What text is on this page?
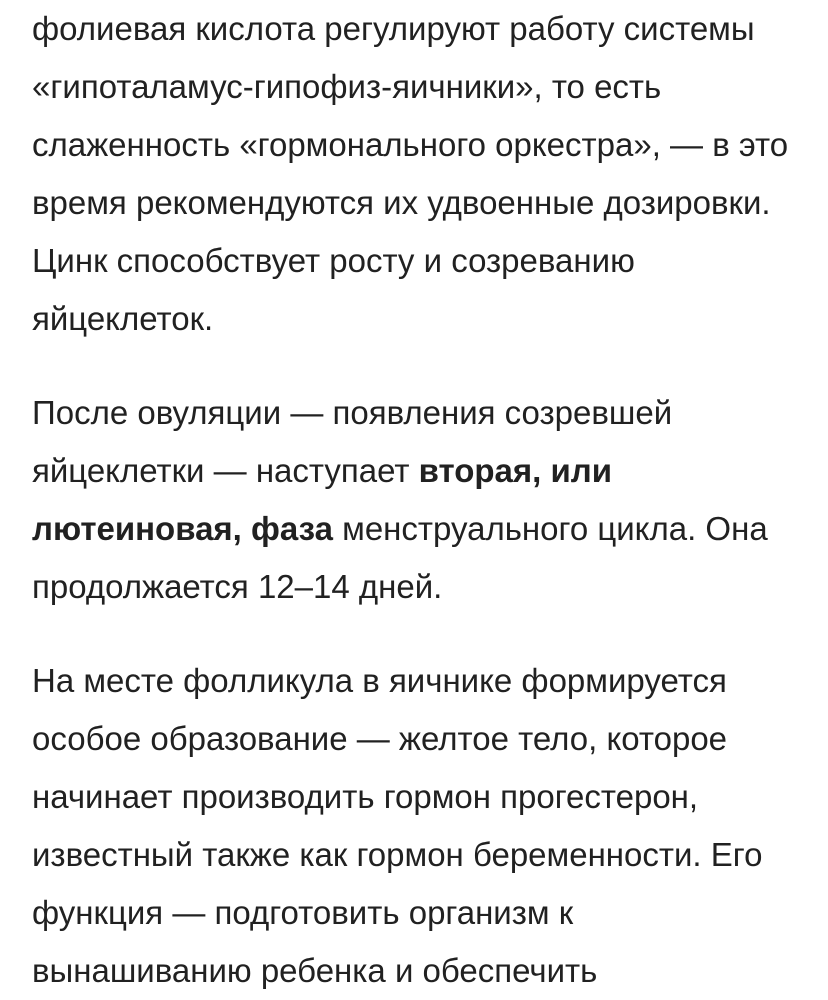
фолиевая кислота регулируют работу системы
«гипоталамус-гипофиз-яичники», то есть
слаженность «гормонального оркестра», — в это
время рекомендуются их удвоенные дозировки.
Цинк способствует росту и созреванию
яйцеклеток.

После овуляции — появления созревшей
яйцеклетки — наступает вторая, или
лютеиновая, фаза менструального цикла. Она
продолжается 12–14 дней.

На месте фолликула в яичнике формируется
особое образование — желтое тело, которое
начинает производить гормон прогестерон,
известный также как гормон беременности. Его
функция — подготовить организм к
вынашиванию ребенка и обеспечить
